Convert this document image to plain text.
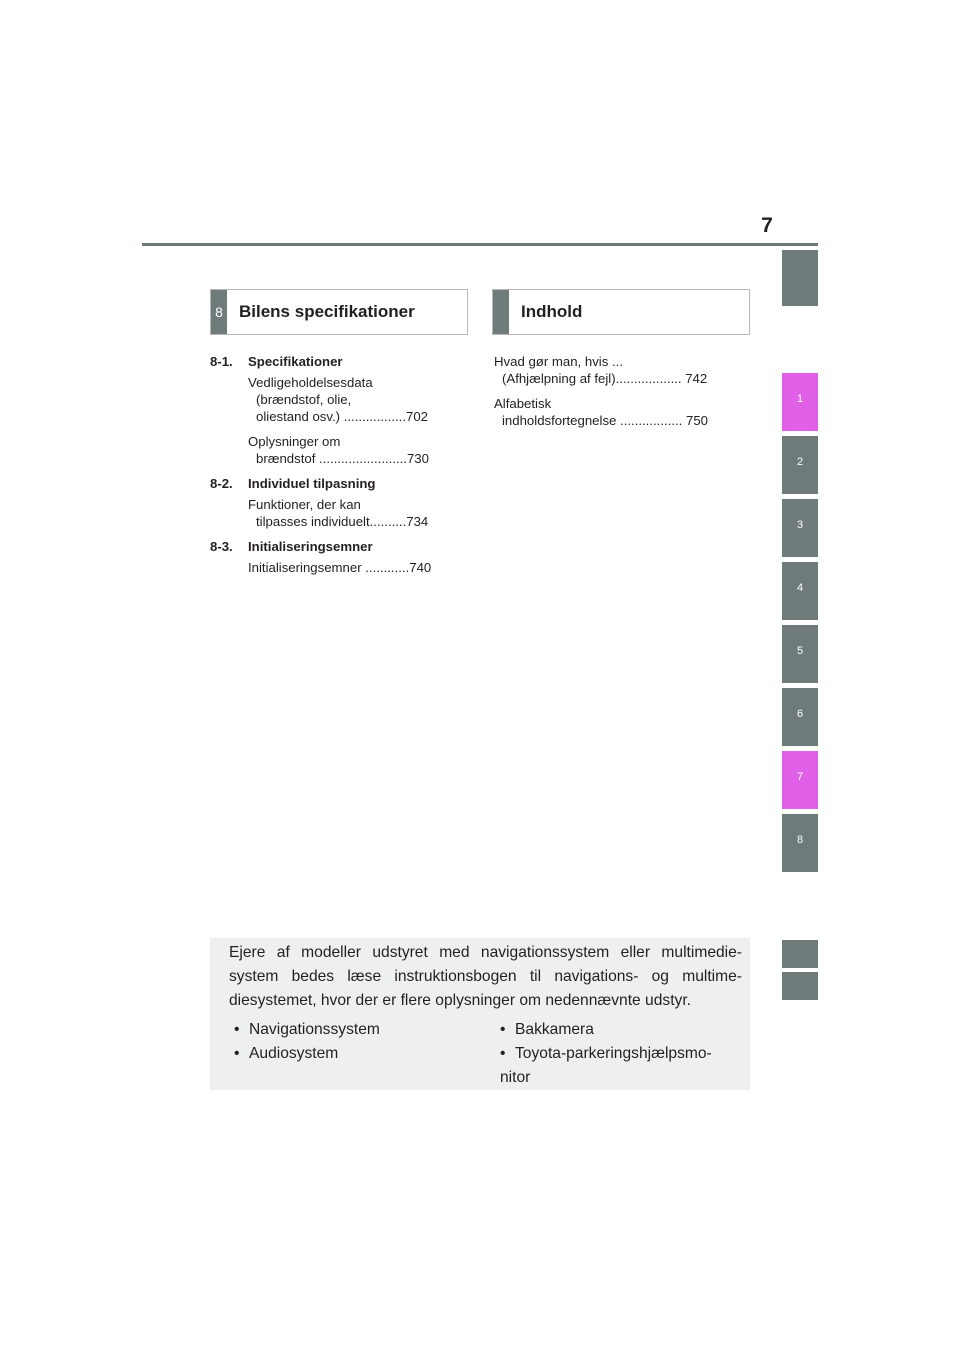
7
1
2
3
4
5
6
7
8
8 Bilens specifikationer	Indhold
8-1. Specifikationer
Vedligeholdelsesdata
(brændstof, olie,
oliestand osv.) .................702
Oplysninger om
brændstof ........................730
8-2. Individuel tilpasning
Funktioner, der kan
tilpasses individuelt..........734
8-3. Initialiseringsemner
Initialiseringsemner ............740
Hvad gør man, hvis ...
(Afhjælpning af fejl).................. 742
Alfabetisk
indholdsfortegnelse ................. 750
Ejere af modeller udstyret med navigationssystem eller multimedie-system bedes læse instruktionsbogen til navigations- og multime-diesystemet, hvor der er flere oplysninger om nedennævnte udstyr.
• Navigationssystem
• Audiosystem
• Bakkamera
• Toyota-parkeringshjælpsmo-
nitor
